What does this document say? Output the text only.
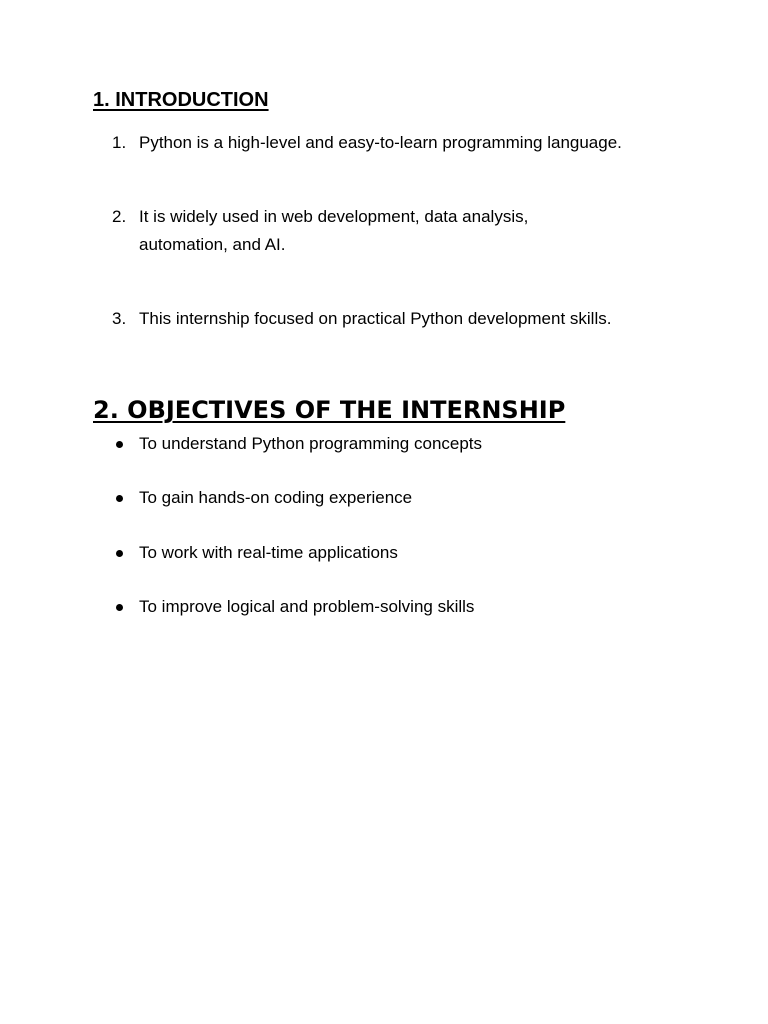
1. INTRODUCTION
1. Python is a high-level and easy-to-learn programming language.
2. It is widely used in web development, data analysis, automation, and AI.
3. This internship focused on practical Python development skills.
2. OBJECTIVES OF THE INTERNSHIP
To understand Python programming concepts
To gain hands-on coding experience
To work with real-time applications
To improve logical and problem-solving skills
